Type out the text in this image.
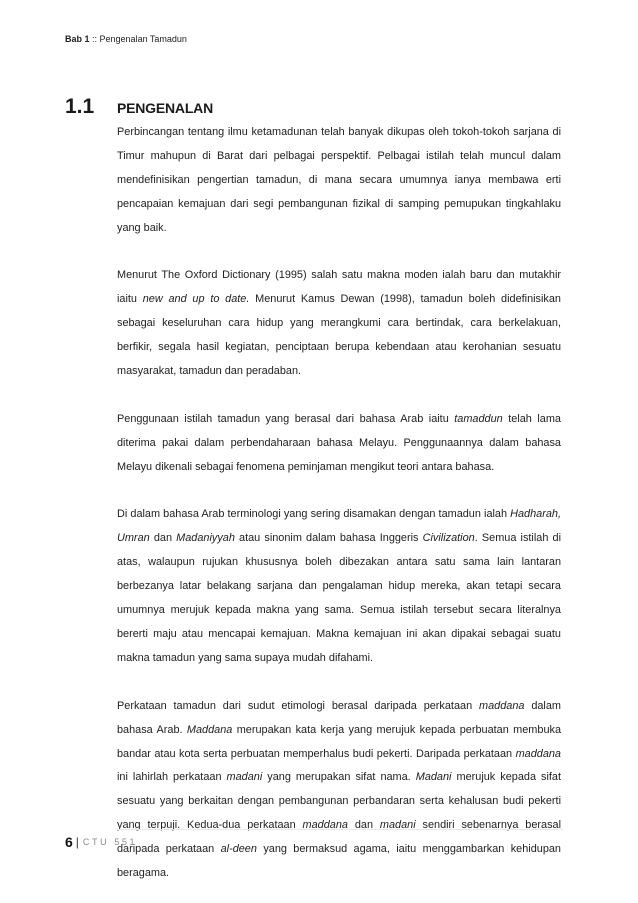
Bab 1 :: Pengenalan Tamadun
1.1	PENGENALAN

Perbincangan tentang ilmu ketamadunan telah banyak dikupas oleh tokoh-tokoh sarjana di Timur mahupun di Barat dari pelbagai perspektif. Pelbagai istilah telah muncul dalam mendefinisikan pengertian tamadun, di mana secara umumnya ianya membawa erti pencapaian kemajuan dari segi pembangunan fizikal di samping pemupukan tingkahlaku yang baik.

Menurut The Oxford Dictionary (1995) salah satu makna moden ialah baru dan mutakhir iaitu new and up to date. Menurut Kamus Dewan (1998), tamadun boleh didefinisikan sebagai keseluruhan cara hidup yang merangkumi cara bertindak, cara berkelakuan, berfikir, segala hasil kegiatan, penciptaan berupa kebendaan atau kerohanian sesuatu masyarakat, tamadun dan peradaban.

Penggunaan istilah tamadun yang berasal dari bahasa Arab iaitu tamaddun telah lama diterima pakai dalam perbendaharaan bahasa Melayu. Penggunaannya dalam bahasa Melayu dikenali sebagai fenomena peminjaman mengikut teori antara bahasa.

Di dalam bahasa Arab terminologi yang sering disamakan dengan tamadun ialah Hadharah, Umran dan Madaniyyah atau sinonim dalam bahasa Inggeris Civilization. Semua istilah di atas, walaupun rujukan khususnya boleh dibezakan antara satu sama lain lantaran berbezanya latar belakang sarjana dan pengalaman hidup mereka, akan tetapi secara umumnya merujuk kepada makna yang sama. Semua istilah tersebut secara literalnya bererti maju atau mencapai kemajuan. Makna kemajuan ini akan dipakai sebagai suatu makna tamadun yang sama supaya mudah difahami.

Perkataan tamadun dari sudut etimologi berasal daripada perkataan maddana dalam bahasa Arab. Maddana merupakan kata kerja yang merujuk kepada perbuatan membuka bandar atau kota serta perbuatan memperhalus budi pekerti. Daripada perkataan maddana ini lahirlah perkataan madani yang merupakan sifat nama. Madani merujuk kepada sifat sesuatu yang berkaitan dengan pembangunan perbandaran serta kehalusan budi pekerti yang terpuji. Kedua-dua perkataan maddana dan madani sendiri sebenarnya berasal daripada perkataan al-deen yang bermaksud agama, iaitu menggambarkan kehidupan beragama.

6 | CTU 551
